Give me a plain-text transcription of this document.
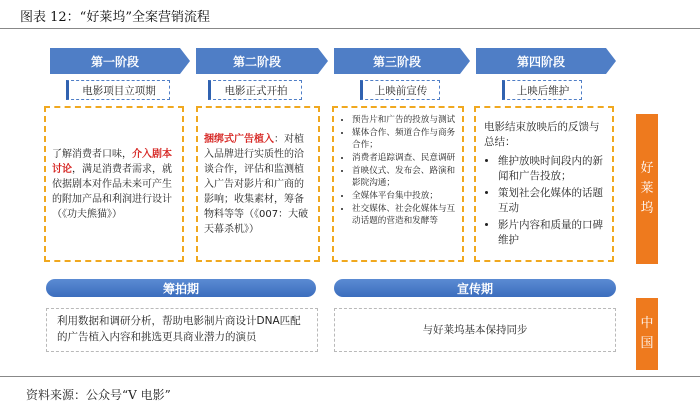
图表 12：“好莱坞”全案营销流程
第一阶段	第二阶段	第三阶段	第四阶段
电影项目立项期	电影正式开拍	上映前宣传	上映后维护
了解消费者口味，介入剧本讨论，满足消费者需求，就依据剧本对作品未来可产生的附加产品和利润进行设计（《功夫熊猫》）
捆绑式广告植入：对植入品牌进行实质性的洽谈合作，评估和监测植入广告对影片和广商的影响；收集素材，筹备物料等等（《007：大破天幕杀机》）
• 预告片和广告的投放与测试
• 媒体合作、频道合作与商务合作；
• 消费者追踪调查、民意调研
• 首映仪式、发布会、路演和影院沟通；
• 全媒体平台集中投放；
• 社交媒体、社会化媒体与互动话题的营造和发酵等
电影结束放映后的反馈与总结：
• 维护放映时间段内的新闻和广告投放；
• 策划社会化媒体的话题互动
• 影片内容和质量的口碑维护
好
莱
坞
筹拍期	宣传期
利用数据和调研分析，帮助电影制片商设计DNA匹配的广告植入内容和挑选更具商业潜力的演员
与好莱坞基本保持同步	中
国
资料来源：公众号“V 电影”
